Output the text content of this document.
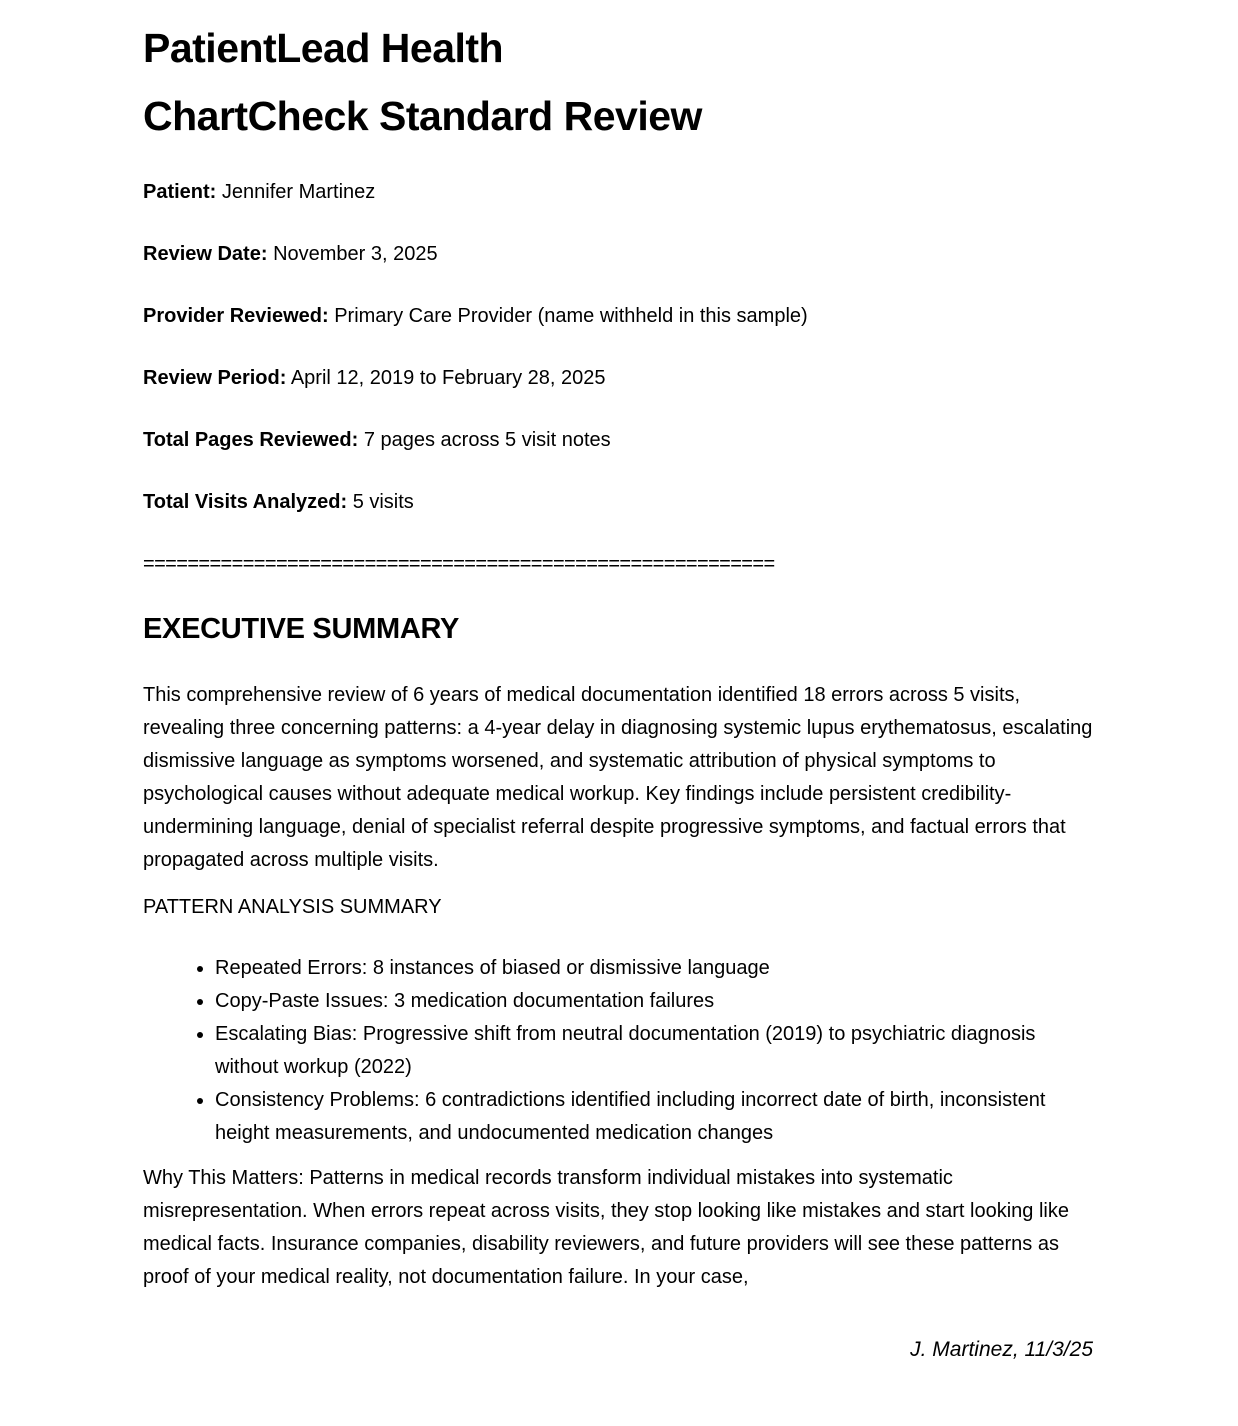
PatientLead Health
ChartCheck Standard Review

Patient: Jennifer Martinez

Review Date: November 3, 2025

Provider Reviewed: Primary Care Provider (name withheld in this sample)

Review Period: April 12, 2019 to February 28, 2025

Total Pages Reviewed: 7 pages across 5 visit notes

Total Visits Analyzed: 5 visits

=========================================================
EXECUTIVE SUMMARY

This comprehensive review of 6 years of medical documentation identified 18 errors across 5 visits, revealing three concerning patterns: a 4-year delay in diagnosing systemic lupus erythematosus, escalating dismissive language as symptoms worsened, and systematic attribution of physical symptoms to psychological causes without adequate medical workup. Key findings include persistent credibility-undermining language, denial of specialist referral despite progressive symptoms, and factual errors that propagated across multiple visits.

PATTERN ANALYSIS SUMMARY

• Repeated Errors: 8 instances of biased or dismissive language
• Copy-Paste Issues: 3 medication documentation failures
• Escalating Bias: Progressive shift from neutral documentation (2019) to psychiatric diagnosis without workup (2022)
• Consistency Problems: 6 contradictions identified including incorrect date of birth, inconsistent height measurements, and undocumented medication changes

Why This Matters: Patterns in medical records transform individual mistakes into systematic misrepresentation. When errors repeat across visits, they stop looking like mistakes and start looking like medical facts. Insurance companies, disability reviewers, and future providers will see these patterns as proof of your medical reality, not documentation failure. In your case,

J. Martinez, 11/3/25
